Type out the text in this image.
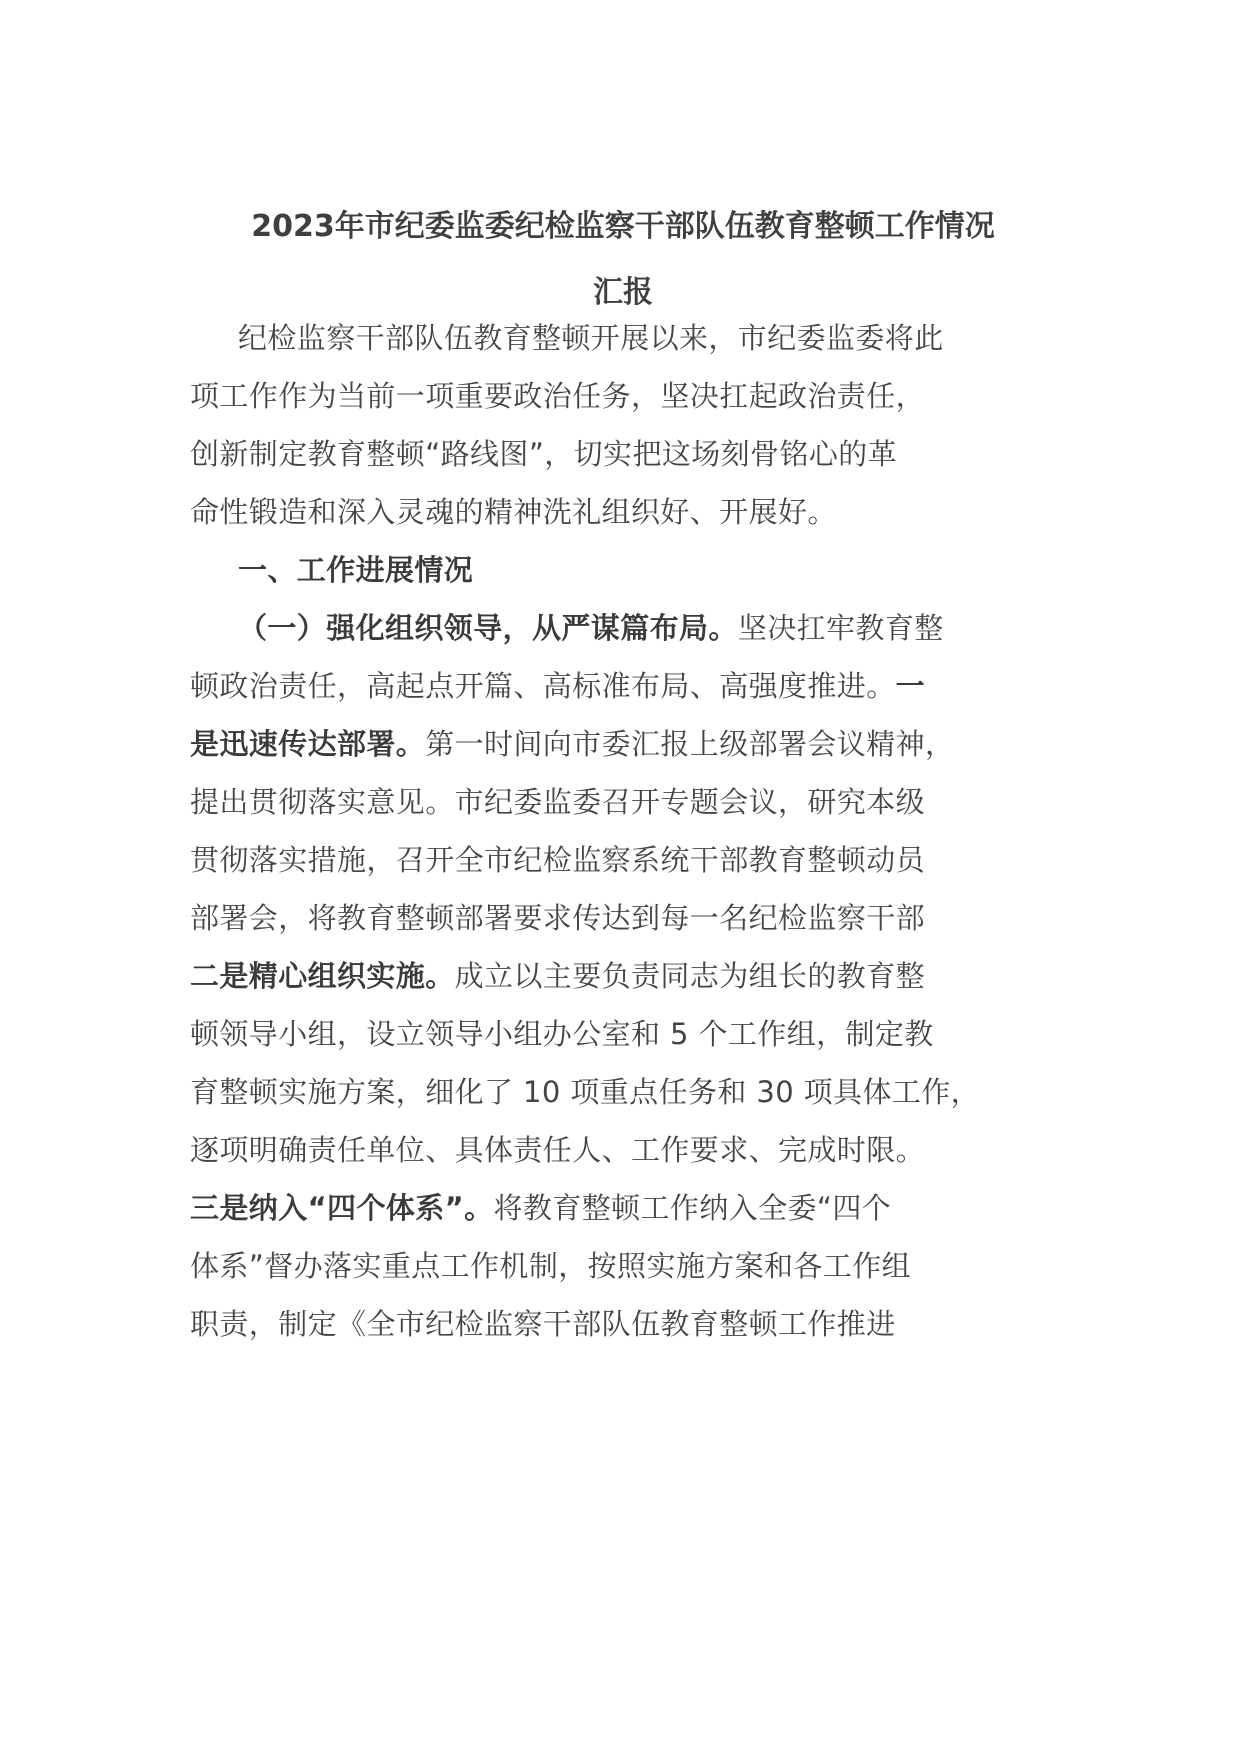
2023年市纪委监委纪检监察干部队伍教育整顿工作情况
汇报
纪检监察干部队伍教育整顿开展以来，市纪委监委将此
项工作作为当前一项重要政治任务，坚决扛起政治责任，
创新制定教育整顿“路线图”，切实把这场刻骨铭心的革
命性锻造和深入灵魂的精神洗礼组织好、开展好。
一、工作进展情况
（一）强化组织领导，从严谋篇布局。坚决扛牢教育整
顿政治责任，高起点开篇、高标准布局、高强度推进。一
是迅速传达部署。第一时间向市委汇报上级部署会议精神，
提出贯彻落实意见。市纪委监委召开专题会议，研究本级
贯彻落实措施，召开全市纪检监察系统干部教育整顿动员
部署会，将教育整顿部署要求传达到每一名纪检监察干部
二是精心组织实施。成立以主要负责同志为组长的教育整
顿领导小组，设立领导小组办公室和 5 个工作组，制定教
育整顿实施方案，细化了 10 项重点任务和 30 项具体工作，
逐项明确责任单位、具体责任人、工作要求、完成时限。
三是纳入“四个体系”。将教育整顿工作纳入全委“四个
体系”督办落实重点工作机制，按照实施方案和各工作组
职责，制定《全市纪检监察干部队伍教育整顿工作推进
